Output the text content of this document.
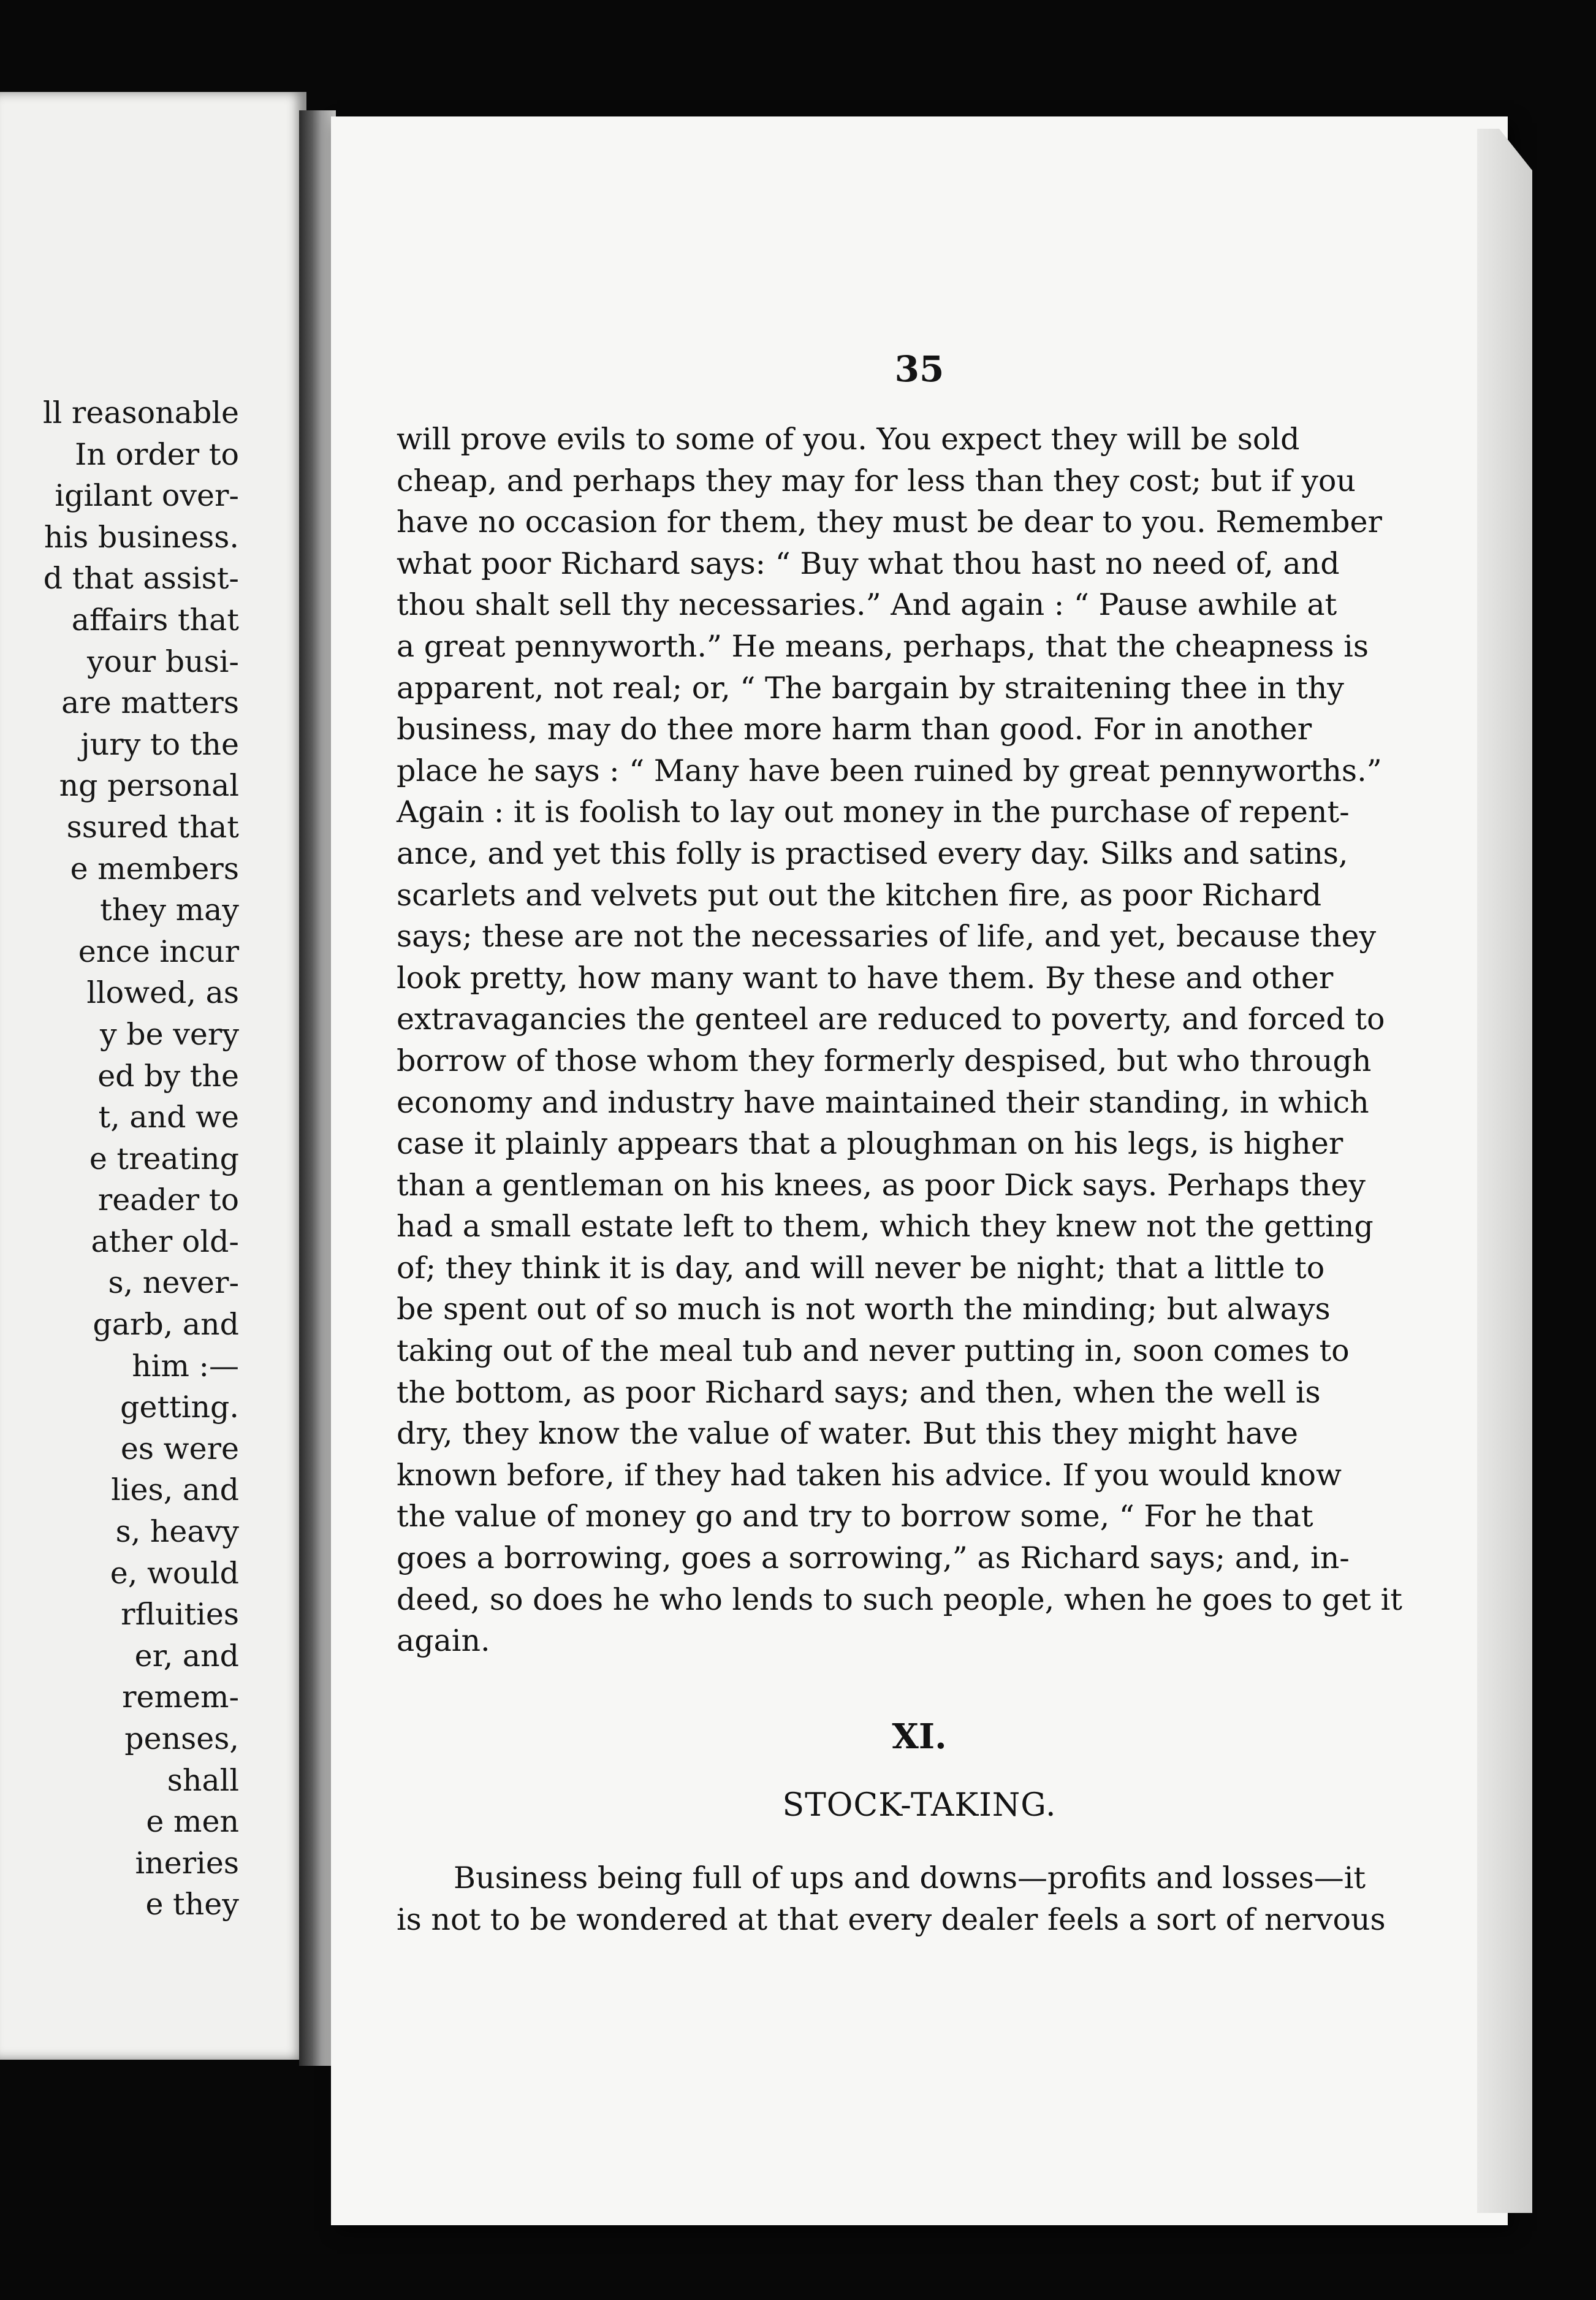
ll reasonable
In order to
igilant over-
his business.
d that assist-
affairs that
your busi-
are matters
jury to the
ng personal
ssured that
e members
they may
ence incur
llowed, as
y be very
ed by the
t, and we
e treating
reader to
ather old-
s, never-
garb, and
him :—
getting.
es were
lies, and
s, heavy
e, would
rfluities
er, and
remem-
penses,
shall
e men
ineries
e they
35
will prove evils to some of you. You expect they will be sold
cheap, and perhaps they may for less than they cost; but if you
have no occasion for them, they must be dear to you. Remember
what poor Richard says: “ Buy what thou hast no need of, and
thou shalt sell thy necessaries.” And again : “ Pause awhile at
a great pennyworth.” He means, perhaps, that the cheapness is
apparent, not real; or, “ The bargain by straitening thee in thy
business, may do thee more harm than good. For in another
place he says : “ Many have been ruined by great pennyworths.”
Again : it is foolish to lay out money in the purchase of repent-
ance, and yet this folly is practised every day. Silks and satins,
scarlets and velvets put out the kitchen fire, as poor Richard
says; these are not the necessaries of life, and yet, because they
look pretty, how many want to have them. By these and other
extravagancies the genteel are reduced to poverty, and forced to
borrow of those whom they formerly despised, but who through
economy and industry have maintained their standing, in which
case it plainly appears that a ploughman on his legs, is higher
than a gentleman on his knees, as poor Dick says. Perhaps they
had a small estate left to them, which they knew not the getting
of; they think it is day, and will never be night; that a little to
be spent out of so much is not worth the minding; but always
taking out of the meal tub and never putting in, soon comes to
the bottom, as poor Richard says; and then, when the well is
dry, they know the value of water. But this they might have
known before, if they had taken his advice. If you would know
the value of money go and try to borrow some, “ For he that
goes a borrowing, goes a sorrowing,” as Richard says; and, in-
deed, so does he who lends to such people, when he goes to get it
again.
XI.
STOCK-TAKING.
Business being full of ups and downs—profits and losses—it
is not to be wondered at that every dealer feels a sort of nervous
